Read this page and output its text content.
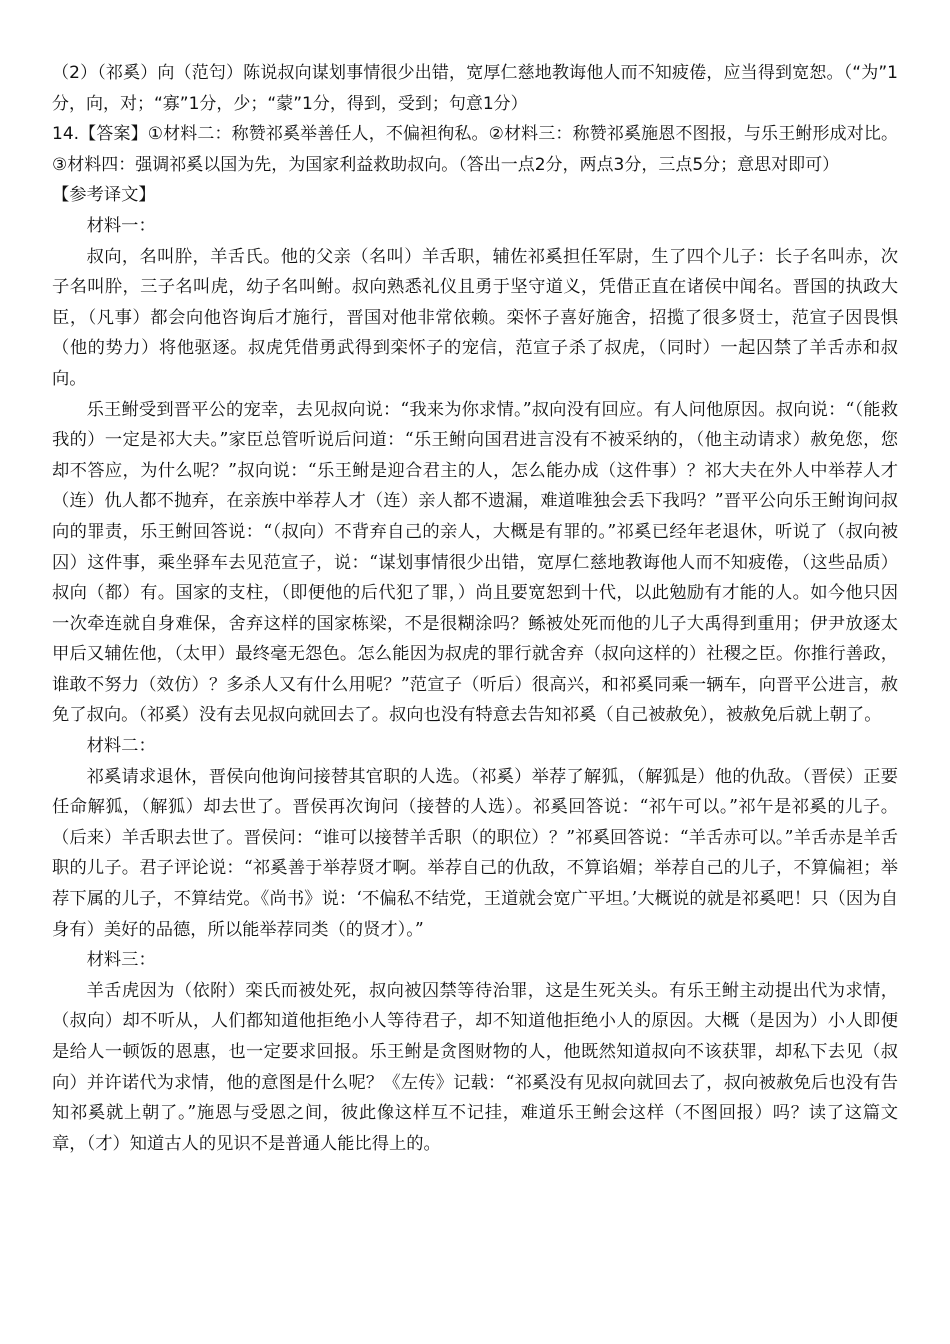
（2）（祁奚）向（范匄）陈说叔向谋划事情很少出错，宽厚仁慈地教诲他人而不知疲倦，应当得到宽恕。（“为”1分，向，对；“寡”1分，少；“蒙”1分，得到，受到；句意1分）

14.【答案】①材料二：称赞祁奚举善任人，不偏袒徇私。②材料三：称赞祁奚施恩不图报，与乐王鲋形成对比。③材料四：强调祁奚以国为先，为国家利益救助叔向。（答出一点2分，两点3分，三点5分；意思对即可）

【参考译文】

材料一：

叔向，名叫肸，羊舌氏。他的父亲（名叫）羊舌职，辅佐祁奚担任军尉，生了四个儿子：长子名叫赤，次子名叫肸，三子名叫虎，幼子名叫鲋。叔向熟悉礼仪且勇于坚守道义，凭借正直在诸侯中闻名。晋国的执政大臣，（凡事）都会向他咨询后才施行，晋国对他非常依赖。栾怀子喜好施舍，招揽了很多贤士，范宣子因畏惧（他的势力）将他驱逐。叔虎凭借勇武得到栾怀子的宠信，范宣子杀了叔虎，（同时）一起囚禁了羊舌赤和叔向。

乐王鲋受到晋平公的宠幸，去见叔向说：“我来为你求情。”叔向没有回应。有人问他原因。叔向说：“（能救我的）一定是祁大夫。”家臣总管听说后问道：“乐王鲋向国君进言没有不被采纳的，（他主动请求）赦免您，您却不答应，为什么呢？”叔向说：“乐王鲋是迎合君主的人，怎么能办成（这件事）？祁大夫在外人中举荐人才（连）仇人都不抛弃，在亲族中举荐人才（连）亲人都不遗漏，难道唯独会丢下我吗？”晋平公向乐王鲋询问叔向的罪责，乐王鲋回答说：“（叔向）不背弃自己的亲人，大概是有罪的。”祁奚已经年老退休，听说了（叔向被囚）这件事，乘坐驿车去见范宣子，说：“谋划事情很少出错，宽厚仁慈地教诲他人而不知疲倦，（这些品质）叔向（都）有。国家的支柱，（即便他的后代犯了罪，）尚且要宽恕到十代，以此勉励有才能的人。如今他只因一次牵连就自身难保，舍弃这样的国家栋梁，不是很糊涂吗？鲧被处死而他的儿子大禹得到重用；伊尹放逐太甲后又辅佐他，（太甲）最终毫无怨色。怎么能因为叔虎的罪行就舍弃（叔向这样的）社稷之臣。你推行善政，谁敢不努力（效仿）？多杀人又有什么用呢？”范宣子（听后）很高兴，和祁奚同乘一辆车，向晋平公进言，赦免了叔向。（祁奚）没有去见叔向就回去了。叔向也没有特意去告知祁奚（自己被赦免），被赦免后就上朝了。

材料二：

祁奚请求退休，晋侯向他询问接替其官职的人选。（祁奚）举荐了解狐，（解狐是）他的仇敌。（晋侯）正要任命解狐，（解狐）却去世了。晋侯再次询问（接替的人选）。祁奚回答说：“祁午可以。”祁午是祁奚的儿子。（后来）羊舌职去世了。晋侯问：“谁可以接替羊舌职（的职位）？”祁奚回答说：“羊舌赤可以。”羊舌赤是羊舌职的儿子。君子评论说：“祁奚善于举荐贤才啊。举荐自己的仇敌，不算谄媚；举荐自己的儿子，不算偏袒；举荐下属的儿子，不算结党。《尚书》说：‘不偏私不结党，王道就会宽广平坦。’大概说的就是祁奚吧！只（因为自身有）美好的品德，所以能举荐同类（的贤才）。”

材料三：

羊舌虎因为（依附）栾氏而被处死，叔向被囚禁等待治罪，这是生死关头。有乐王鲋主动提出代为求情，（叔向）却不听从，人们都知道他拒绝小人等待君子，却不知道他拒绝小人的原因。大概（是因为）小人即便是给人一顿饭的恩惠，也一定要求回报。乐王鲋是贪图财物的人，他既然知道叔向不该获罪，却私下去见（叔向）并许诺代为求情，他的意图是什么呢？《左传》记载：“祁奚没有见叔向就回去了，叔向被赦免后也没有告知祁奚就上朝了。”施恩与受恩之间，彼此像这样互不记挂，难道乐王鲋会这样（不图回报）吗？读了这篇文章，（才）知道古人的见识不是普通人能比得上的。
